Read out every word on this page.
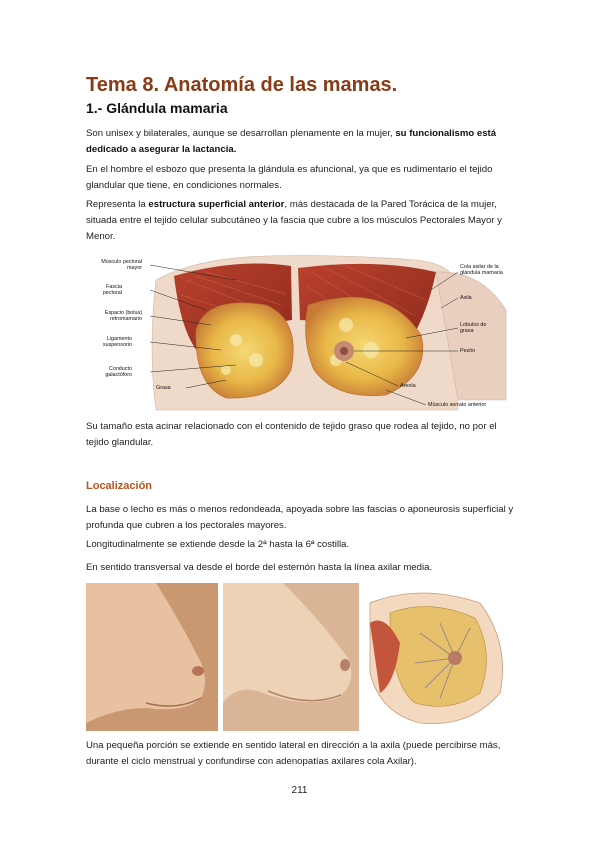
Tema 8. Anatomía de las mamas.
1.- Glándula mamaria
Son unisex y bilaterales, aunque se desarrollan plenamente en la mujer, su funcionalismo está dedicado a asegurar la lactancia.
En el hombre el esbozo que presenta la glándula es afuncional, ya que es rudimentario el tejido glandular que tiene, en condiciones normales.
Representa la estructura superficial anterior, más destacada de la Pared Torácica de la mujer, situada entre el tejido celular subcutáneo y la fascia que cubre a los músculos Pectorales Mayor y Menor.
Músculo pectoral mayor
Fascia pectoral
Espacio (bolsa) retromamario
Ligamento suspensorio
Conducto galactóforo
Grasa
Cola axilar de la glándula mamaria
Axila
Lobulos de grasa
Pezón
Areola
Músculo serrato anterior
Su tamaño esta acinar relacionado con el contenido de tejido graso que rodea al tejido, no por el tejido glandular.
Localización
La base o lecho es más o menos redondeada, apoyada sobre las fascias o aponeurosis superficial y profunda que cubren a los pectorales mayores.
Longitudinalmente se extiende desde la 2ª hasta la 6ª costilla.
En sentido transversal va desde el borde del esternón hasta la línea axilar media.
Una pequeña porción se extiende en sentido lateral en dirección a la axila (puede percibirse más, durante el ciclo menstrual y confundirse con adenopatías axilares cola Axilar).
211
